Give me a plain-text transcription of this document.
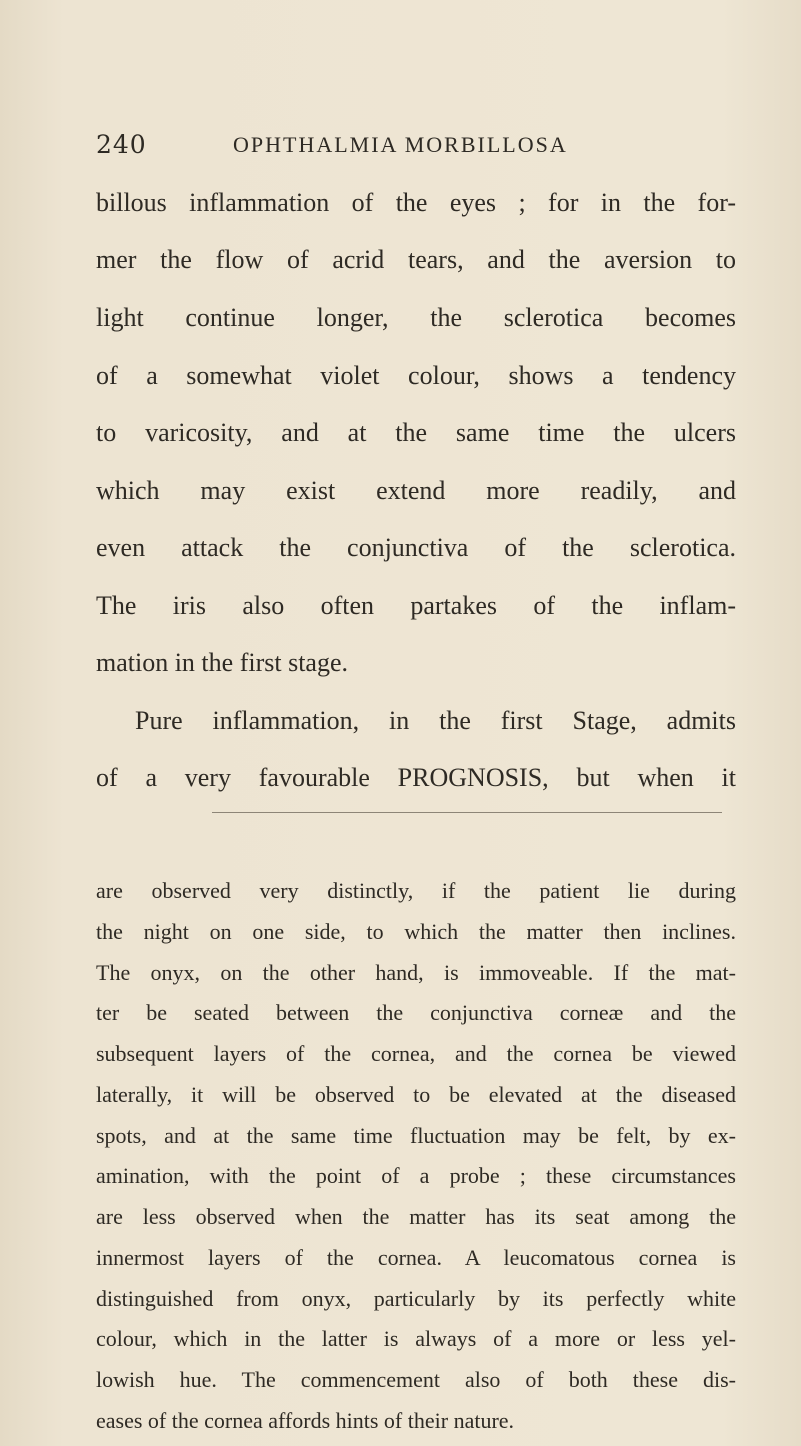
240	OPHTHALMIA MORBILLOSA
billous inflammation of the eyes ; for in the for-
mer the flow of acrid tears, and the aversion to
light continue longer, the sclerotica becomes
of a somewhat violet colour, shows a tendency
to varicosity, and at the same time the ulcers
which may exist extend more readily, and
even attack the conjunctiva of the sclerotica.
The iris also often partakes of the inflam-
mation in the first stage.
Pure inflammation, in the first Stage, admits
of a very favourable PROGNOSIS, but when it
are observed very distinctly, if the patient lie during
the night on one side, to which the matter then inclines.
The onyx, on the other hand, is immoveable. If the mat-
ter be seated between the conjunctiva corneæ and the
subsequent layers of the cornea, and the cornea be viewed
laterally, it will be observed to be elevated at the diseased
spots, and at the same time fluctuation may be felt, by ex-
amination, with the point of a probe ; these circumstances
are less observed when the matter has its seat among the
innermost layers of the cornea. A leucomatous cornea is
distinguished from onyx, particularly by its perfectly white
colour, which in the latter is always of a more or less yel-
lowish hue. The commencement also of both these dis-
eases of the cornea affords hints of their nature.
